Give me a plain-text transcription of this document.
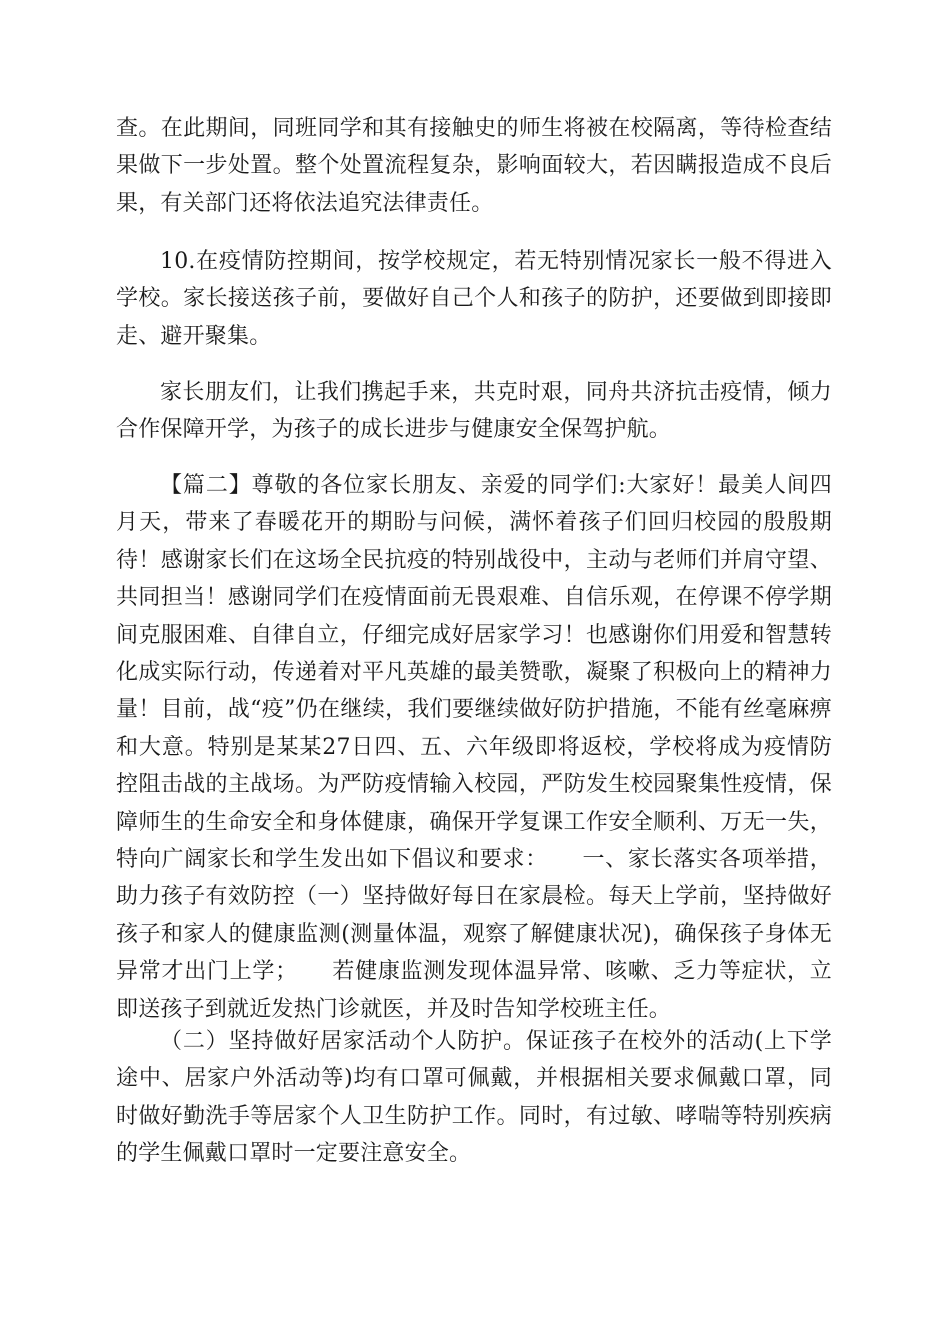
查。在此期间，同班同学和其有接触史的师生将被在校隔离，等待检查结果做下一步处置。整个处置流程复杂，影响面较大，若因瞒报造成不良后果，有关部门还将依法追究法律责任。

10.在疫情防控期间，按学校规定，若无特别情况家长一般不得进入学校。家长接送孩子前，要做好自己个人和孩子的防护，还要做到即接即走、避开聚集。

家长朋友们，让我们携起手来，共克时艰，同舟共济抗击疫情，倾力合作保障开学，为孩子的成长进步与健康安全保驾护航。

【篇二】尊敬的各位家长朋友、亲爱的同学们:大家好！最美人间四月天，带来了春暖花开的期盼与问候，满怀着孩子们回归校园的殷殷期待！感谢家长们在这场全民抗疫的特别战役中，主动与老师们并肩守望、共同担当！感谢同学们在疫情面前无畏艰难、自信乐观，在停课不停学期间克服困难、自律自立，仔细完成好居家学习！也感谢你们用爱和智慧转化成实际行动，传递着对平凡英雄的最美赞歌，凝聚了积极向上的精神力量！目前，战“疫”仍在继续，我们要继续做好防护措施，不能有丝毫麻痹和大意。特别是某某27日四、五、六年级即将返校，学校将成为疫情防控阻击战的主战场。为严防疫情输入校园，严防发生校园聚集性疫情，保障师生的生命安全和身体健康，确保开学复课工作安全顺利、万无一失，特向广阔家长和学生发出如下倡议和要求：　　一、家长落实各项举措，助力孩子有效防控（一）坚持做好每日在家晨检。每天上学前，坚持做好孩子和家人的健康监测(测量体温，观察了解健康状况)，确保孩子身体无异常才出门上学；　　若健康监测发现体温异常、咳嗽、乏力等症状，立即送孩子到就近发热门诊就医，并及时告知学校班主任。

（二）坚持做好居家活动个人防护。保证孩子在校外的活动(上下学途中、居家户外活动等)均有口罩可佩戴，并根据相关要求佩戴口罩，同时做好勤洗手等居家个人卫生防护工作。同时，有过敏、哮喘等特别疾病的学生佩戴口罩时一定要注意安全。
